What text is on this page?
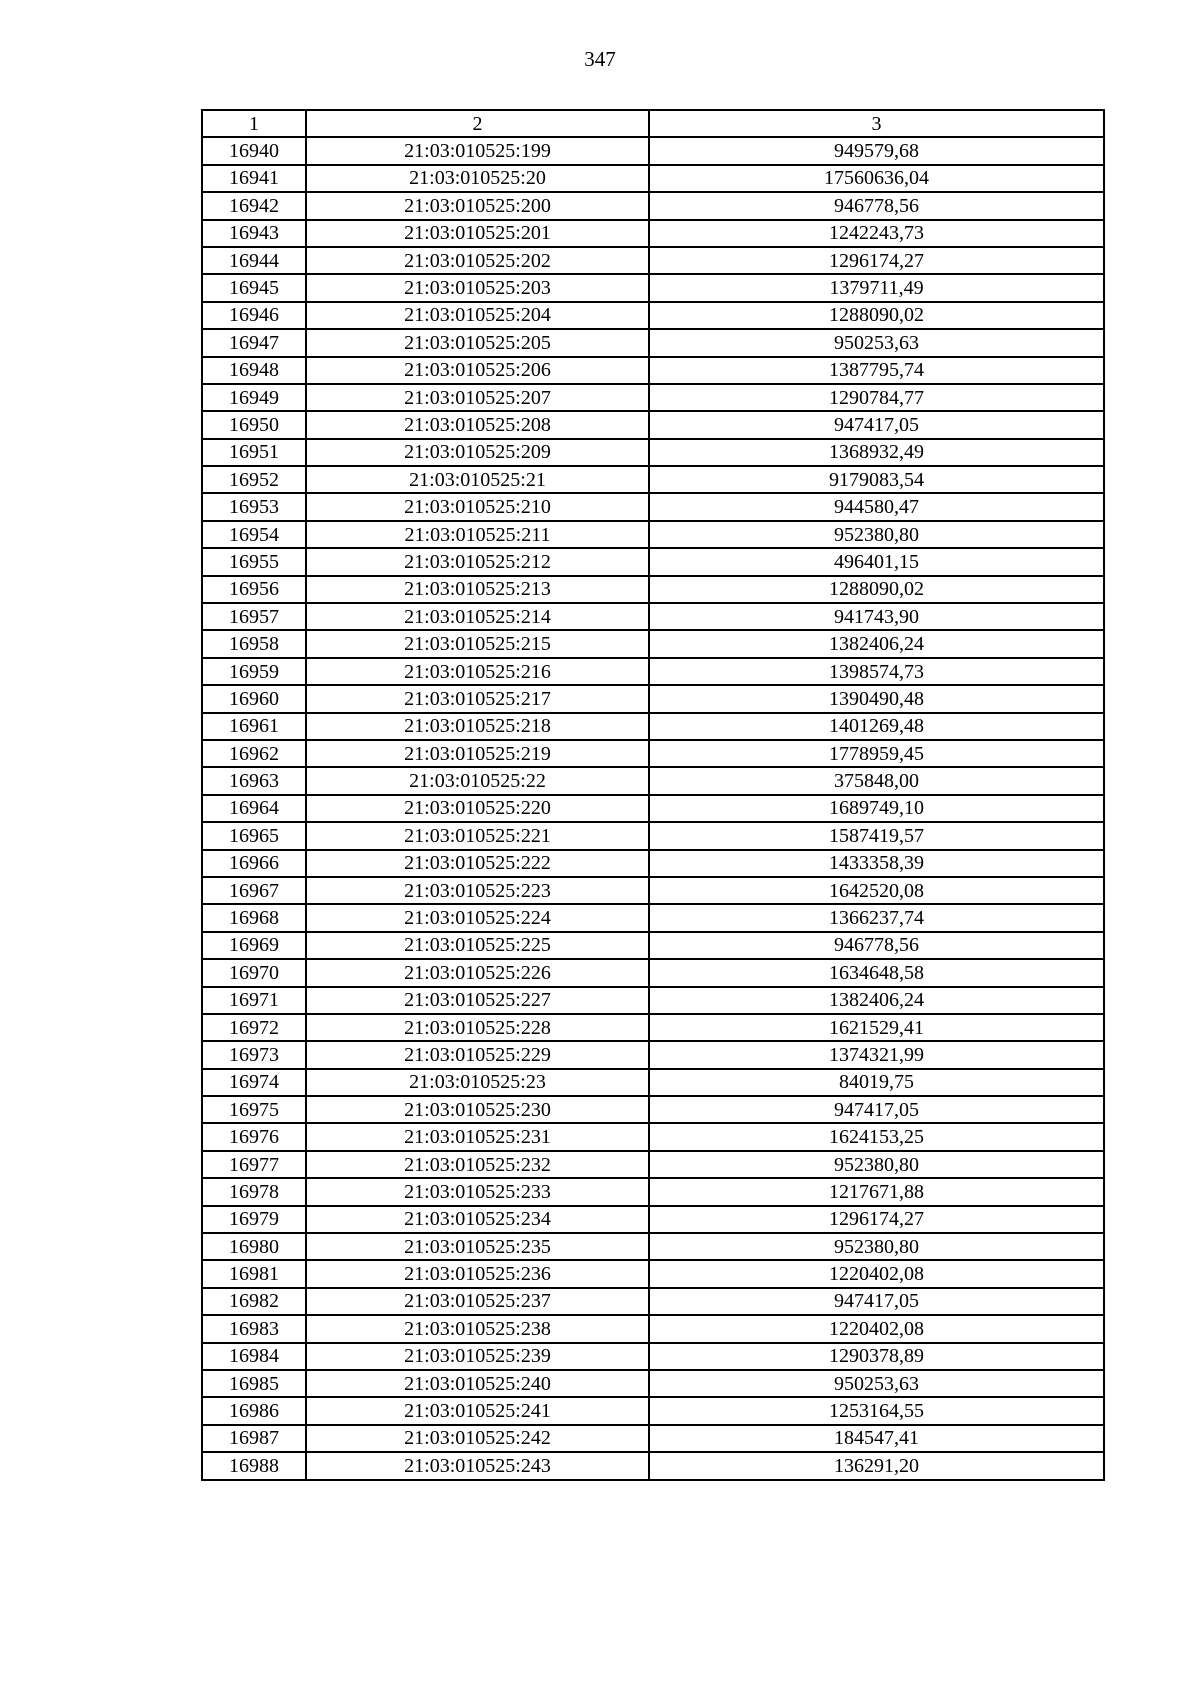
347
1	2	3
16940	21:03:010525:199	949579,68
16941	21:03:010525:20	17560636,04
16942	21:03:010525:200	946778,56
16943	21:03:010525:201	1242243,73
16944	21:03:010525:202	1296174,27
16945	21:03:010525:203	1379711,49
16946	21:03:010525:204	1288090,02
16947	21:03:010525:205	950253,63
16948	21:03:010525:206	1387795,74
16949	21:03:010525:207	1290784,77
16950	21:03:010525:208	947417,05
16951	21:03:010525:209	1368932,49
16952	21:03:010525:21	9179083,54
16953	21:03:010525:210	944580,47
16954	21:03:010525:211	952380,80
16955	21:03:010525:212	496401,15
16956	21:03:010525:213	1288090,02
16957	21:03:010525:214	941743,90
16958	21:03:010525:215	1382406,24
16959	21:03:010525:216	1398574,73
16960	21:03:010525:217	1390490,48
16961	21:03:010525:218	1401269,48
16962	21:03:010525:219	1778959,45
16963	21:03:010525:22	375848,00
16964	21:03:010525:220	1689749,10
16965	21:03:010525:221	1587419,57
16966	21:03:010525:222	1433358,39
16967	21:03:010525:223	1642520,08
16968	21:03:010525:224	1366237,74
16969	21:03:010525:225	946778,56
16970	21:03:010525:226	1634648,58
16971	21:03:010525:227	1382406,24
16972	21:03:010525:228	1621529,41
16973	21:03:010525:229	1374321,99
16974	21:03:010525:23	84019,75
16975	21:03:010525:230	947417,05
16976	21:03:010525:231	1624153,25
16977	21:03:010525:232	952380,80
16978	21:03:010525:233	1217671,88
16979	21:03:010525:234	1296174,27
16980	21:03:010525:235	952380,80
16981	21:03:010525:236	1220402,08
16982	21:03:010525:237	947417,05
16983	21:03:010525:238	1220402,08
16984	21:03:010525:239	1290378,89
16985	21:03:010525:240	950253,63
16986	21:03:010525:241	1253164,55
16987	21:03:010525:242	184547,41
16988	21:03:010525:243	136291,20
